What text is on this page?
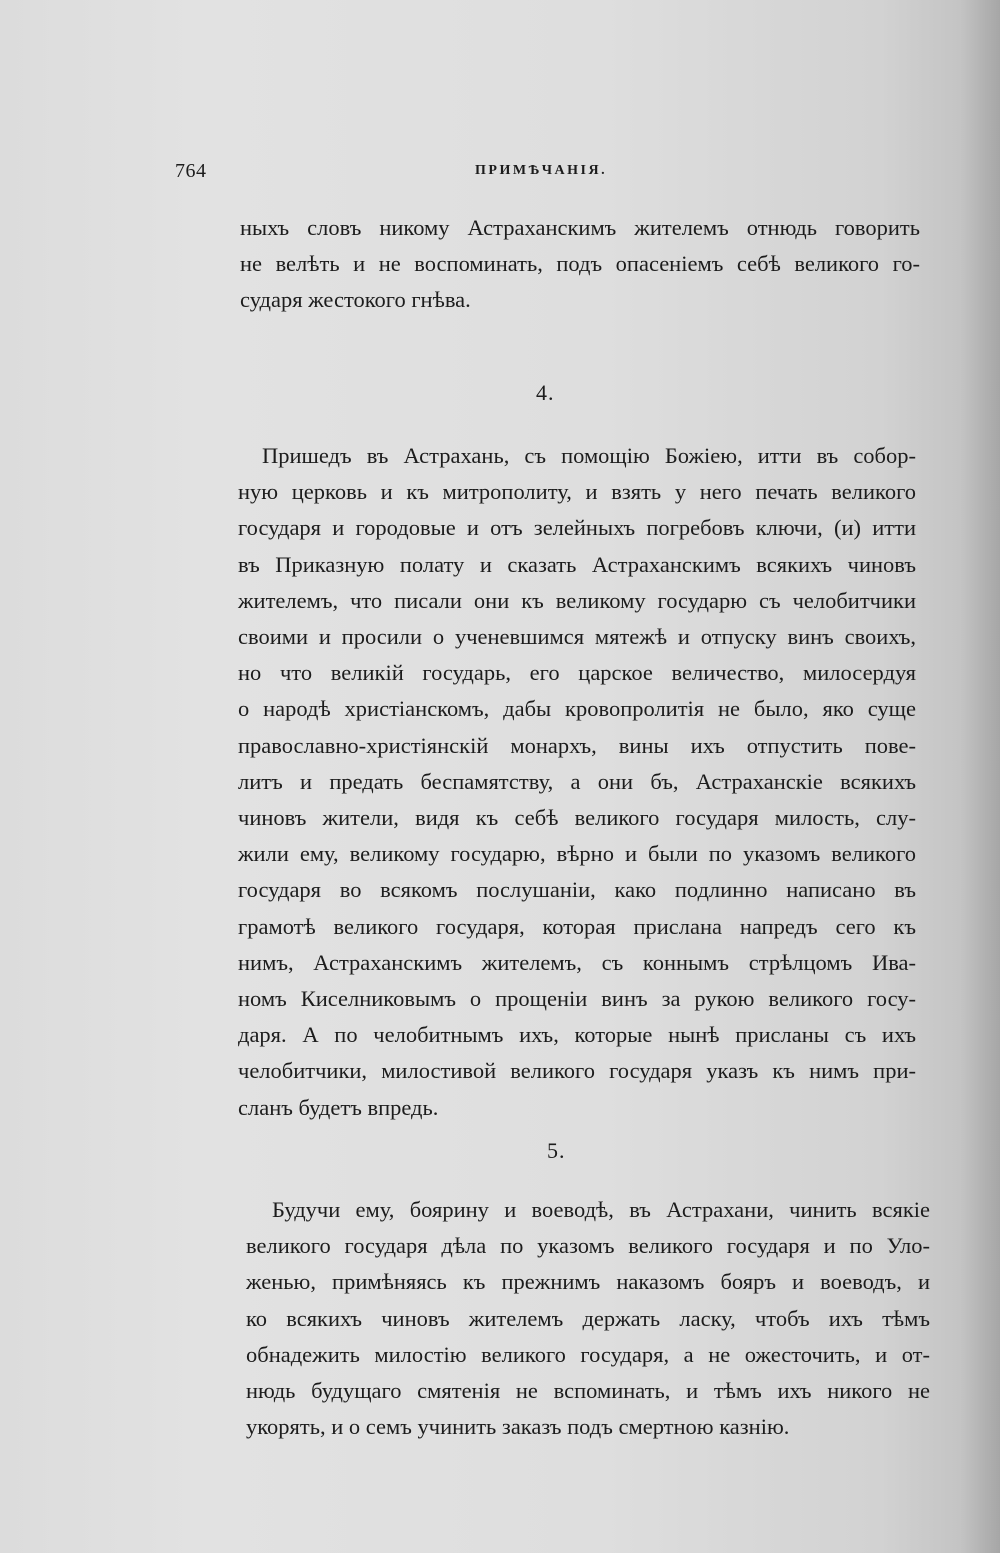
764	ПРИМѢЧАНІЯ.
ныхъ словъ никому Астраханскимъ жителемъ отнюдь говорить
не велѣть и не воспоминать, подъ опасеніемъ себѣ великого го-
сударя жестокого гнѣва.
4.
Пришедъ въ Астрахань, съ помощію Божіею, итти въ собор-
ную церковь и къ митрополиту, и взять у него печать великого
государя и городовые и отъ зелейныхъ погребовъ ключи, (и) итти
въ Приказную полату и сказать Астраханскимъ всякихъ чиновъ
жителемъ, что писали они къ великому государю съ челобитчики
своими и просили о ученевшимся мятежѣ и отпуску винъ своихъ,
но что великій государь, его царское величество, милосердуя
о народѣ христіанскомъ, дабы кровопролитія не было, яко суще
православно-христіянскій монархъ, вины ихъ отпустить пове-
литъ и предать беспамятству, а они бъ, Астраханскіе всякихъ
чиновъ жители, видя къ себѣ великого государя милость, слу-
жили ему, великому государю, вѣрно и были по указомъ великого
государя во всякомъ послушаніи, како подлинно написано въ
грамотѣ великого государя, которая прислана напредъ сего къ
нимъ, Астраханскимъ жителемъ, съ коннымъ стрѣлцомъ Ива-
номъ Киселниковымъ о прощеніи винъ за рукою великого госу-
даря. А по челобитнымъ ихъ, которые нынѣ присланы съ ихъ
челобитчики, милостивой великого государя указъ къ нимъ при-
сланъ будетъ впредь.
5.
Будучи ему, боярину и воеводѣ, въ Астрахани, чинить всякіе
великого государя дѣла по указомъ великого государя и по Уло-
женью, примѣняясь къ прежнимъ наказомъ бояръ и воеводъ, и
ко всякихъ чиновъ жителемъ держать ласку, чтобъ ихъ тѣмъ
обнадежить милостію великого государя, а не ожесточить, и от-
нюдь будущаго смятенія не вспоминать, и тѣмъ ихъ никого не
укорять, и о семъ учинить заказъ подъ смертною казнію.
